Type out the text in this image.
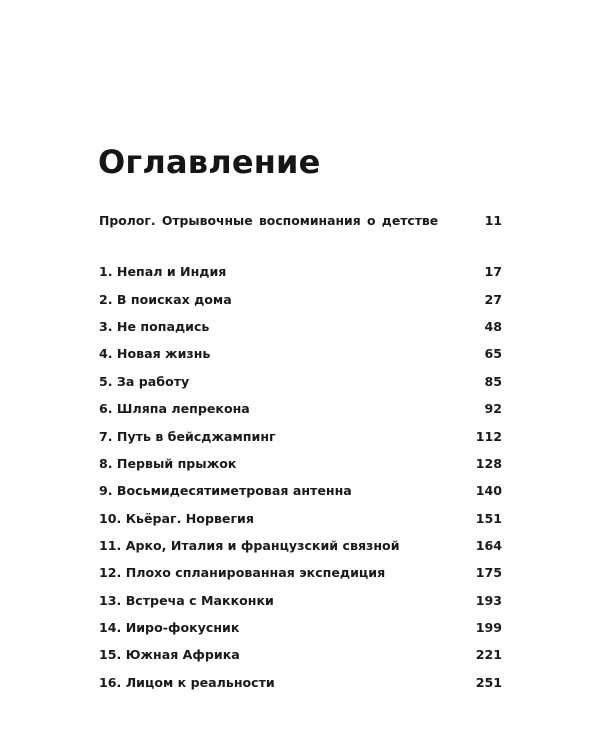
Оглавление
Пролог. Отрывочные воспоминания о детстве	11
1. Непал и Индия	17
2. В поисках дома	27
3. Не попадись	48
4. Новая жизнь	65
5. За работу	85
6. Шляпа лепрекона	92
7. Путь в бейсджампинг	112
8. Первый прыжок	128
9. Восьмидесятиметровая антенна	140
10. Кьёраг. Норвегия	151
11. Арко, Италия и французский связной	164
12. Плохо спланированная экспедиция	175
13. Встреча с Макконки	193
14. Ииро-фокусник	199
15. Южная Африка	221
16. Лицом к реальности	251
